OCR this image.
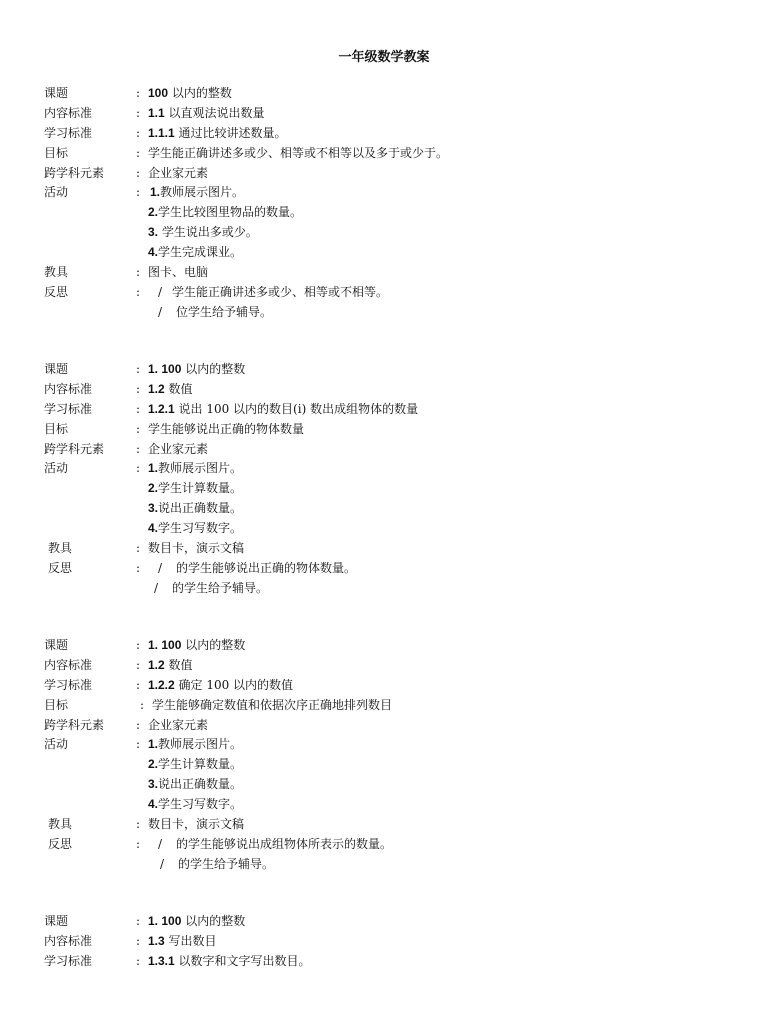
一年级数学教案
课题	: 100 以内的整数
内容标准	: 1.1 以直观法说出数量
学习标准	: 1.1.1 通过比较讲述数量。
目标	: 学生能正确讲述多或少、相等或不相等以及多于或少于。
跨学科元素	: 企业家元素
活动	: 1.教师展示图片。
2.学生比较图里物品的数量。
3. 学生说出多或少。
4.学生完成课业。
教具	: 图卡、电脑
反思	: / 学生能正确讲述多或少、相等或不相等。
/ 位学生给予辅导。
课题	: 1. 100 以内的整数
内容标准	: 1.2 数值
学习标准	: 1.2.1 说出 100 以内的数目(i) 数出成组物体的数量
目标	: 学生能够说出正确的物体数量
跨学科元素	: 企业家元素
活动	: 1.教师展示图片。
2.学生计算数量。
3.说出正确数量。
4.学生习写数字。
教具	: 数目卡，演示文稿
反思	: / 的学生能够说出正确的物体数量。
/ 的学生给予辅导。
课题	: 1. 100 以内的整数
内容标准	: 1.2 数值
学习标准	: 1.2.2 确定 100 以内的数值
目标	: 学生能够确定数值和依据次序正确地排列数目
跨学科元素	: 企业家元素
活动	: 1.教师展示图片。
2.学生计算数量。
3.说出正确数量。
4.学生习写数字。
教具	: 数目卡，演示文稿
反思	: / 的学生能够说出成组物体所表示的数量。
/ 的学生给予辅导。
课题	: 1. 100 以内的整数
内容标准	: 1.3 写出数目
学习标准	: 1.3.1 以数字和文字写出数目。
